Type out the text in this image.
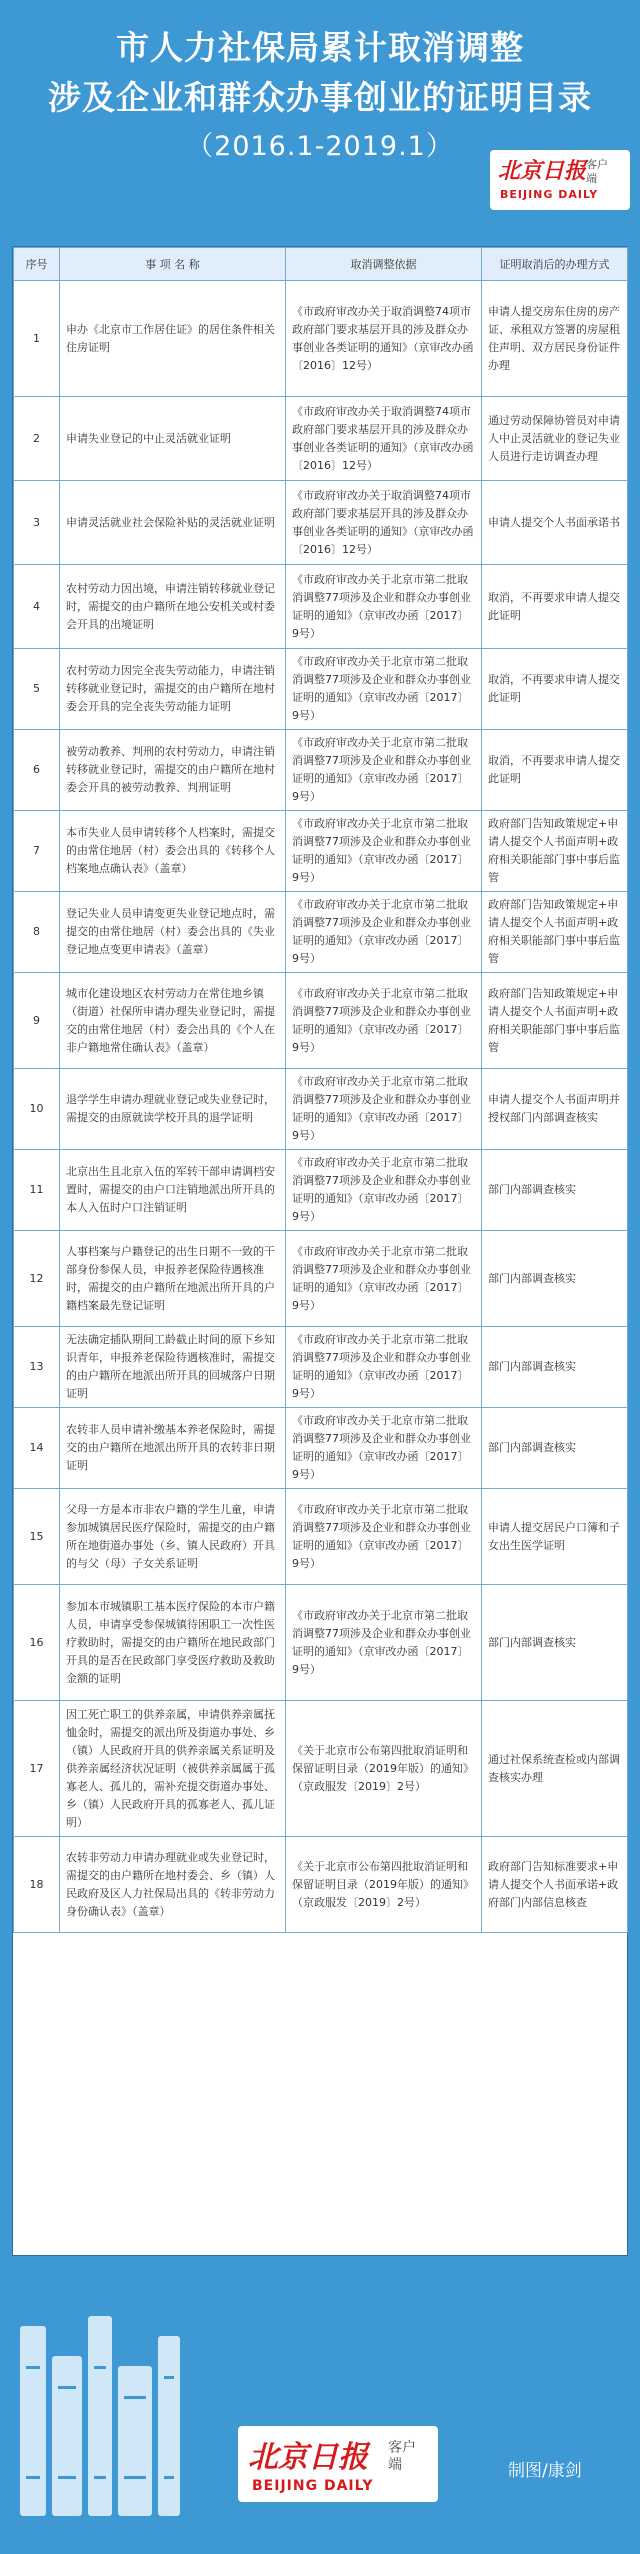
市人力社保局累计取消调整
涉及企业和群众办事创业的证明目录
（2016.1-2019.1）
北京日报 客户端
BEIJING DAILY
序号	事 项 名 称	取消调整依据	证明取消后的办理方式
1	申办《北京市工作居住证》的居住条件相关住房证明	《市政府审改办关于取消调整74项市政府部门要求基层开具的涉及群众办事创业各类证明的通知》（京审改办函〔2016〕12号）	申请人提交房东住房的房产证、承租双方签署的房屋租住声明、双方居民身份证件办理
2	申请失业登记的中止灵活就业证明	《市政府审改办关于取消调整74项市政府部门要求基层开具的涉及群众办事创业各类证明的通知》（京审改办函〔2016〕12号）	通过劳动保障协管员对申请人中止灵活就业的登记失业人员进行走访调查办理
3	申请灵活就业社会保险补贴的灵活就业证明	《市政府审改办关于取消调整74项市政府部门要求基层开具的涉及群众办事创业各类证明的通知》（京审改办函〔2016〕12号）	申请人提交个人书面承诺书
4	农村劳动力因出境，申请注销转移就业登记时，需提交的由户籍所在地公安机关或村委会开具的出境证明	《市政府审改办关于北京市第二批取消调整77项涉及企业和群众办事创业证明的通知》（京审改办函〔2017〕9号）	取消，不再要求申请人提交此证明
5	农村劳动力因完全丧失劳动能力，申请注销转移就业登记时，需提交的由户籍所在地村委会开具的完全丧失劳动能力证明	《市政府审改办关于北京市第二批取消调整77项涉及企业和群众办事创业证明的通知》（京审改办函〔2017〕9号）	取消，不再要求申请人提交此证明
6	被劳动教养、判刑的农村劳动力，申请注销转移就业登记时，需提交的由户籍所在地村委会开具的被劳动教养、判刑证明	《市政府审改办关于北京市第二批取消调整77项涉及企业和群众办事创业证明的通知》（京审改办函〔2017〕9号）	取消，不再要求申请人提交此证明
7	本市失业人员申请转移个人档案时，需提交的由常住地居（村）委会出具的《转移个人档案地点确认表》（盖章）	《市政府审改办关于北京市第二批取消调整77项涉及企业和群众办事创业证明的通知》（京审改办函〔2017〕9号）	政府部门告知政策规定+申请人提交个人书面声明+政府相关职能部门事中事后监管
8	登记失业人员申请变更失业登记地点时，需提交的由常住地居（村）委会出具的《失业登记地点变更申请表》（盖章）	《市政府审改办关于北京市第二批取消调整77项涉及企业和群众办事创业证明的通知》（京审改办函〔2017〕9号）	政府部门告知政策规定+申请人提交个人书面声明+政府相关职能部门事中事后监管
9	城市化建设地区农村劳动力在常住地乡镇（街道）社保所申请办理失业登记时，需提交的由常住地居（村）委会出具的《个人在非户籍地常住确认表》（盖章）	《市政府审改办关于北京市第二批取消调整77项涉及企业和群众办事创业证明的通知》（京审改办函〔2017〕9号）	政府部门告知政策规定+申请人提交个人书面声明+政府相关职能部门事中事后监管
10	退学学生申请办理就业登记或失业登记时，需提交的由原就读学校开具的退学证明	《市政府审改办关于北京市第二批取消调整77项涉及企业和群众办事创业证明的通知》（京审改办函〔2017〕9号）	申请人提交个人书面声明并授权部门内部调查核实
11	北京出生且北京入伍的军转干部申请调档安置时，需提交的由户口注销地派出所开具的本人入伍时户口注销证明	《市政府审改办关于北京市第二批取消调整77项涉及企业和群众办事创业证明的通知》（京审改办函〔2017〕9号）	部门内部调查核实
12	人事档案与户籍登记的出生日期不一致的干部身份参保人员，申报养老保险待遇核准时，需提交的由户籍所在地派出所开具的户籍档案最先登记证明	《市政府审改办关于北京市第二批取消调整77项涉及企业和群众办事创业证明的通知》（京审改办函〔2017〕9号）	部门内部调查核实
13	无法确定插队期间工龄截止时间的原下乡知识青年，申报养老保险待遇核准时，需提交的由户籍所在地派出所开具的回城落户日期证明	《市政府审改办关于北京市第二批取消调整77项涉及企业和群众办事创业证明的通知》（京审改办函〔2017〕9号）	部门内部调查核实
14	农转非人员申请补缴基本养老保险时，需提交的由户籍所在地派出所开具的农转非日期证明	《市政府审改办关于北京市第二批取消调整77项涉及企业和群众办事创业证明的通知》（京审改办函〔2017〕9号）	部门内部调查核实
15	父母一方是本市非农户籍的学生儿童，申请参加城镇居民医疗保险时，需提交的由户籍所在地街道办事处（乡、镇人民政府）开具的与父（母）子女关系证明	《市政府审改办关于北京市第二批取消调整77项涉及企业和群众办事创业证明的通知》（京审改办函〔2017〕9号）	申请人提交居民户口簿和子女出生医学证明
16	参加本市城镇职工基本医疗保险的本市户籍人员，申请享受参保城镇待困职工一次性医疗救助时，需提交的由户籍所在地民政部门开具的是否在民政部门享受医疗救助及救助金额的证明	《市政府审改办关于北京市第二批取消调整77项涉及企业和群众办事创业证明的通知》（京审改办函〔2017〕9号）	部门内部调查核实
17	因工死亡职工的供养亲属，申请供养亲属抚恤金时，需提交的派出所及街道办事处、乡（镇）人民政府开具的供养亲属关系证明及供养亲属经济状况证明（被供养亲属属于孤寡老人、孤儿的，需补充提交街道办事处、乡（镇）人民政府开具的孤寡老人、孤儿证明）	《关于北京市公布第四批取消证明和保留证明目录（2019年版）的通知》（京政服发〔2019〕2号）	通过社保系统查检或内部调查核实办理
18	农转非劳动力申请办理就业或失业登记时，需提交的由户籍所在地村委会、乡（镇）人民政府及区人力社保局出具的《转非劳动力身份确认表》（盖章）	《关于北京市公布第四批取消证明和保留证明目录（2019年版）的通知》（京政服发〔2019〕2号）	政府部门告知标准要求+申请人提交个人书面承诺+政府部门内部信息核查
北京日报 客户端
BEIJING DAILY
制图/康剑
